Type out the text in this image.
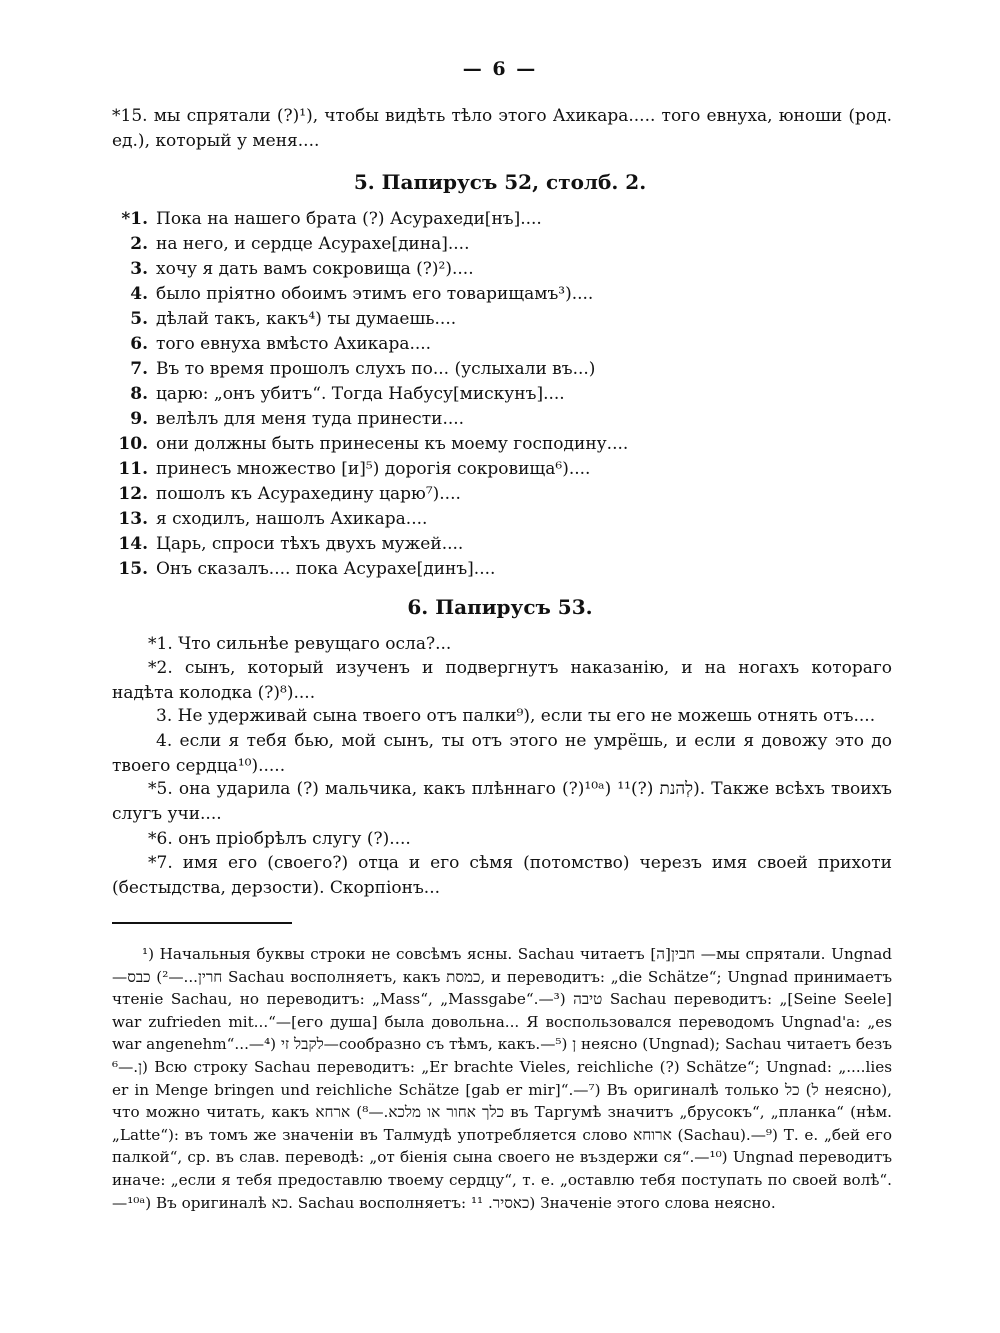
— 6 —
*15. мы спрятали (?)¹), чтобы видѣть тѣло этого Ахикара..... того евнуха, юноши (род. ед.), который у меня....
5. Папирусъ 52, столб. 2.
*1. Пока на нашего брата (?) Асурахеди[нъ]....
2. на него, и сердце Асурахе[дина]....
3. хочу я дать вамъ сокровища (?)²)....
4. было пріятно обоимъ этимъ его товарищамъ³)....
5. дѣлай такъ, какъ⁴) ты думаешь....
6. того евнуха вмѣсто Ахикара....
7. Въ то время прошолъ слухъ по... (услыхали въ...)
8. царю: „онъ убитъ“. Тогда Набусу[мискунъ]....
9. велѣлъ для меня туда принести....
10. они должны быть принесены къ моему господину....
11. принесъ множество [и]⁵) дорогія сокровища⁶)....
12. пошолъ къ Асурахедину царю⁷)....
13. я сходилъ, нашолъ Ахикара....
14. Царь, спроси тѣхъ двухъ мужей....
15. Онъ сказалъ.... пока Асурахе[динъ]....
6. Папирусъ 53.
*1. Что сильнѣе ревущаго осла?...
*2. сынъ, который изученъ и подвергнутъ наказанію, и на ногахъ котораго надѣта колодка (?)⁸)....
3. Не удерживай сына твоего отъ палки⁹), если ты его не можешь отнять отъ....
4. если я тебя бью, мой сынъ, ты отъ этого не умрёшь, и если я довожу это до твоего сердца¹⁰).....
*5. она ударила (?) мальчика, какъ плѣннаго (?)¹⁰ᵃ) לְהנת (?)¹¹). Также всѣхъ твоихъ слугъ учи....
*6. онъ пріобрѣлъ слугу (?)....
*7. имя его (своего?) отца и его сѣмя (потомство) черезъ имя своей прихоти (бестыдства, дерзости). Скорпіонъ...
¹) Начальныя буквы строки не совсѣмъ ясны. Sachau читаетъ [ה]חבין —мы спрятали. Ungnad—חרין...—²) כבס Sachau восполняетъ, какъ כמסת, и переводитъ: „die Schätze“; Ungnad принимаетъ чтеніе Sachau, но переводитъ: „Mass“, „Massgabe“.—³) טיבה Sachau переводитъ: „[Seine Seele] war zufrieden mit...“—[его душа] была довольна... Я воспользовался переводомъ Ungnad'а: „es war angenehm“...—⁴) לקבל זי—сообразно съ тѣмъ, какъ.—⁵) ן неясно (Ungnad); Sachau читаетъ безъ ן.—⁶) Всю строку Sachau переводитъ: „Er brachte Vieles, reichliche (?) Schätze“; Ungnad: „....lies er in Menge bringen und reichliche Schätze [gab er mir]“.—⁷) Въ оригиналѣ только כל (ל неясно), что можно читать, какъ כלך אחור או מלכא.—⁸) ארחא въ Таргумѣ значитъ „брусокъ“, „планка“ (нѣм. „Latte“): въ томъ же значеніи въ Талмудѣ употребляется слово ארוחא (Sachau).—⁹) Т. е. „бей его палкой“, ср. въ слав. переводѣ: „от біенія сына своего не въздержи ся“.—¹⁰) Ungnad переводитъ иначе: „если я тебя предоставлю твоему сердцу“, т. е. „оставлю тебя поступать по своей волѣ“.—¹⁰ᵃ) Въ оригиналѣ כא. Sachau восполняетъ: כאסיר. ¹¹) Значеніе этого слова неясно.
